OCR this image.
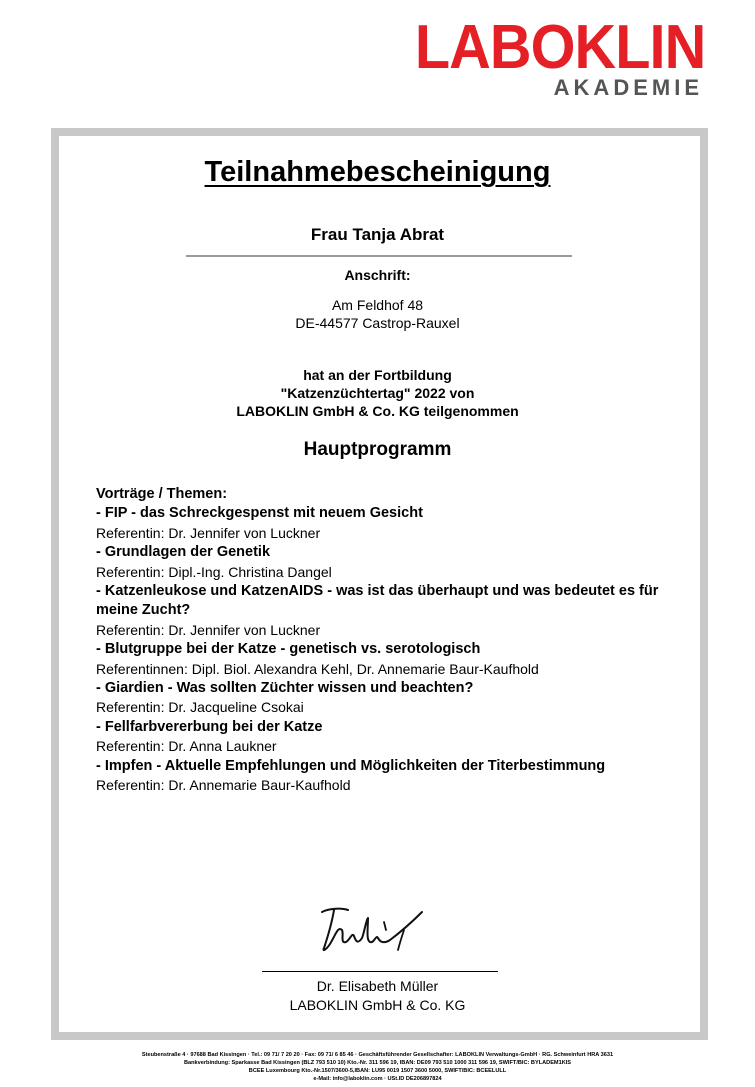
LABOKLIN
AKADEMIE
Teilnahmebescheinigung
Frau Tanja Abrat
Anschrift:
Am Feldhof 48
DE-44577 Castrop-Rauxel
hat an der Fortbildung
"Katzenzüchtertag" 2022 von
LABOKLIN GmbH & Co. KG teilgenommen
Hauptprogramm
Vorträge / Themen:
- FIP - das Schreckgespenst mit neuem Gesicht
Referentin: Dr. Jennifer von Luckner
- Grundlagen der Genetik
Referentin: Dipl.-Ing. Christina Dangel
- Katzenleukose und KatzenAIDS - was ist das überhaupt und was bedeutet es für meine Zucht?
Referentin: Dr. Jennifer von Luckner
- Blutgruppe bei der Katze - genetisch vs. serotologisch
Referentinnen: Dipl. Biol. Alexandra Kehl, Dr. Annemarie Baur-Kaufhold
- Giardien - Was sollten Züchter wissen und beachten?
Referentin: Dr. Jacqueline Csokai
- Fellfarbvererbung bei der Katze
Referentin: Dr. Anna Laukner
- Impfen - Aktuelle Empfehlungen und Möglichkeiten der Titerbestimmung
Referentin: Dr. Annemarie Baur-Kaufhold
Dr. Elisabeth Müller
LABOKLIN GmbH & Co. KG
Steubenstraße 4 · 97688 Bad Kissingen · Tel.: 09 71/ 7 20 20 · Fax: 09 71/ 6 85 46 · Geschäftsführender Gesellschafter: LABOKLIN Verwaltungs-GmbH · RG. Schweinfurt HRA 3631
Bankverbindung: Sparkasse Bad Kissingen (BLZ 793 510 10) Kto.-Nr. 311 596 19, IBAN: DE09 793 510 1000 311 596 19, SWIFT/BIC: BYLADEM1KIS
BCEE Luxembourg Kto.-Nr.1507/3600-5,IBAN: LU95 0019 1507 3600 5000, SWIFT/BIC: BCEELULL
e-Mail: info@laboklin.com · USt.ID DE206897824
